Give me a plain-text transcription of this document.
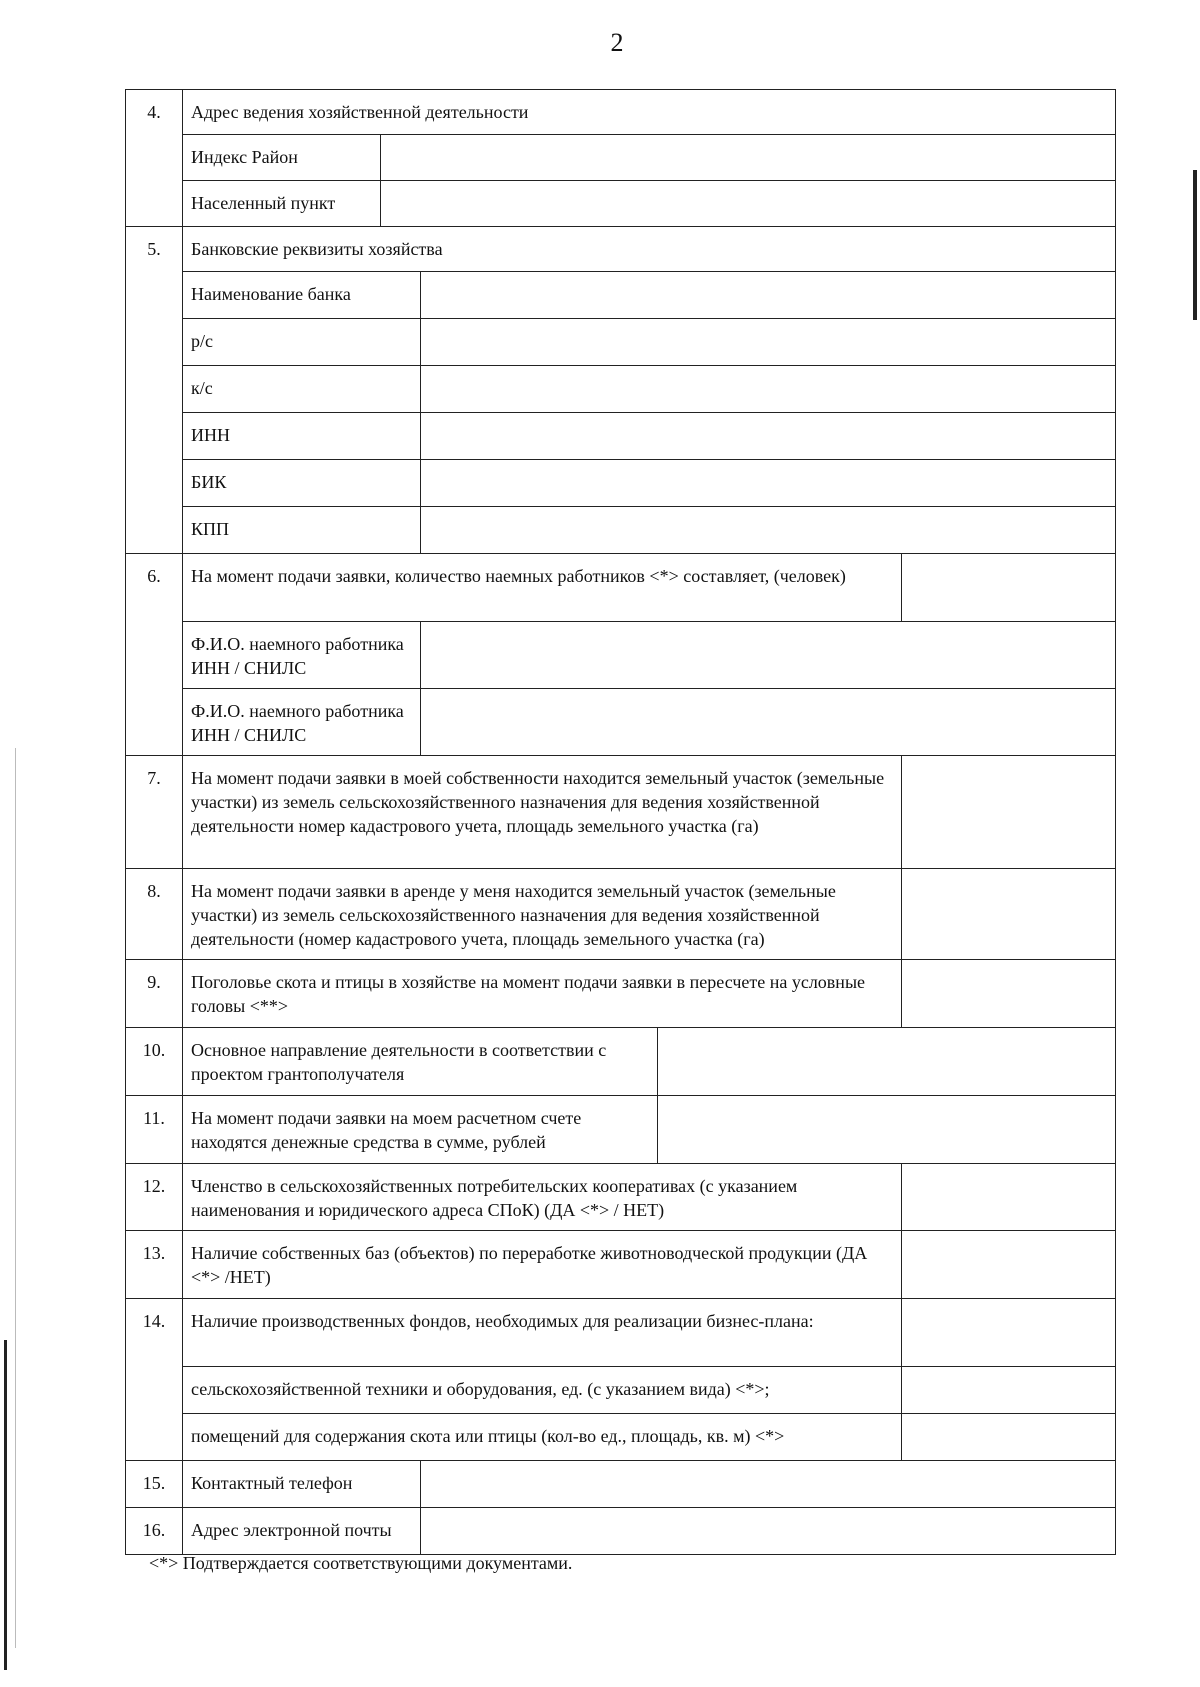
2
4.	Адрес ведения хозяйственной деятельности				
	Индекс Район				
	Населенный пункт				
5.	Банковские реквизиты хозяйства				
	Наименование банка				
	р/с				
	к/с				
	ИНН				
	БИК				
	КПП				
6.	На момент подачи заявки, количество наемных работников <*> составляет, (человек)				
	Ф.И.О. наемного работника ИНН / СНИЛС				
	Ф.И.О. наемного работника ИНН / СНИЛС				
7.	На момент подачи заявки в моей собственности находится земельный участок (земельные участки) из земель сельскохозяйственного назначения для ведения хозяйственной деятельности номер кадастрового учета, площадь земельного участка (га)				
8.	На момент подачи заявки в аренде у меня находится земельный участок (земельные участки) из земель сельскохозяйственного назначения для ведения хозяйственной деятельности (номер кадастрового учета, площадь земельного участка (га)				
9.	Поголовье скота и птицы в хозяйстве на момент подачи заявки в пересчете на условные головы <**>				
10.	Основное направление деятельности в соответствии с проектом грантополучателя				
11.	На момент подачи заявки на моем расчетном счете находятся денежные средства в сумме, рублей				
12.	Членство в сельскохозяйственных потребительских кооперативах (с указанием наименования и юридического адреса СПоК) (ДА <*> / НЕТ)				
13.	Наличие собственных баз (объектов) по переработке животноводческой продукции (ДА <*> /НЕТ)				
14.	Наличие производственных фондов, необходимых для реализации бизнес-плана:				
	сельскохозяйственной техники и оборудования, ед. (с указанием вида) <*>;				
	помещений для содержания скота или птицы (кол-во ед., площадь, кв. м) <*>				
15.	Контактный телефон				
16.	Адрес электронной почты				
<*> Подтверждается соответствующими документами.
